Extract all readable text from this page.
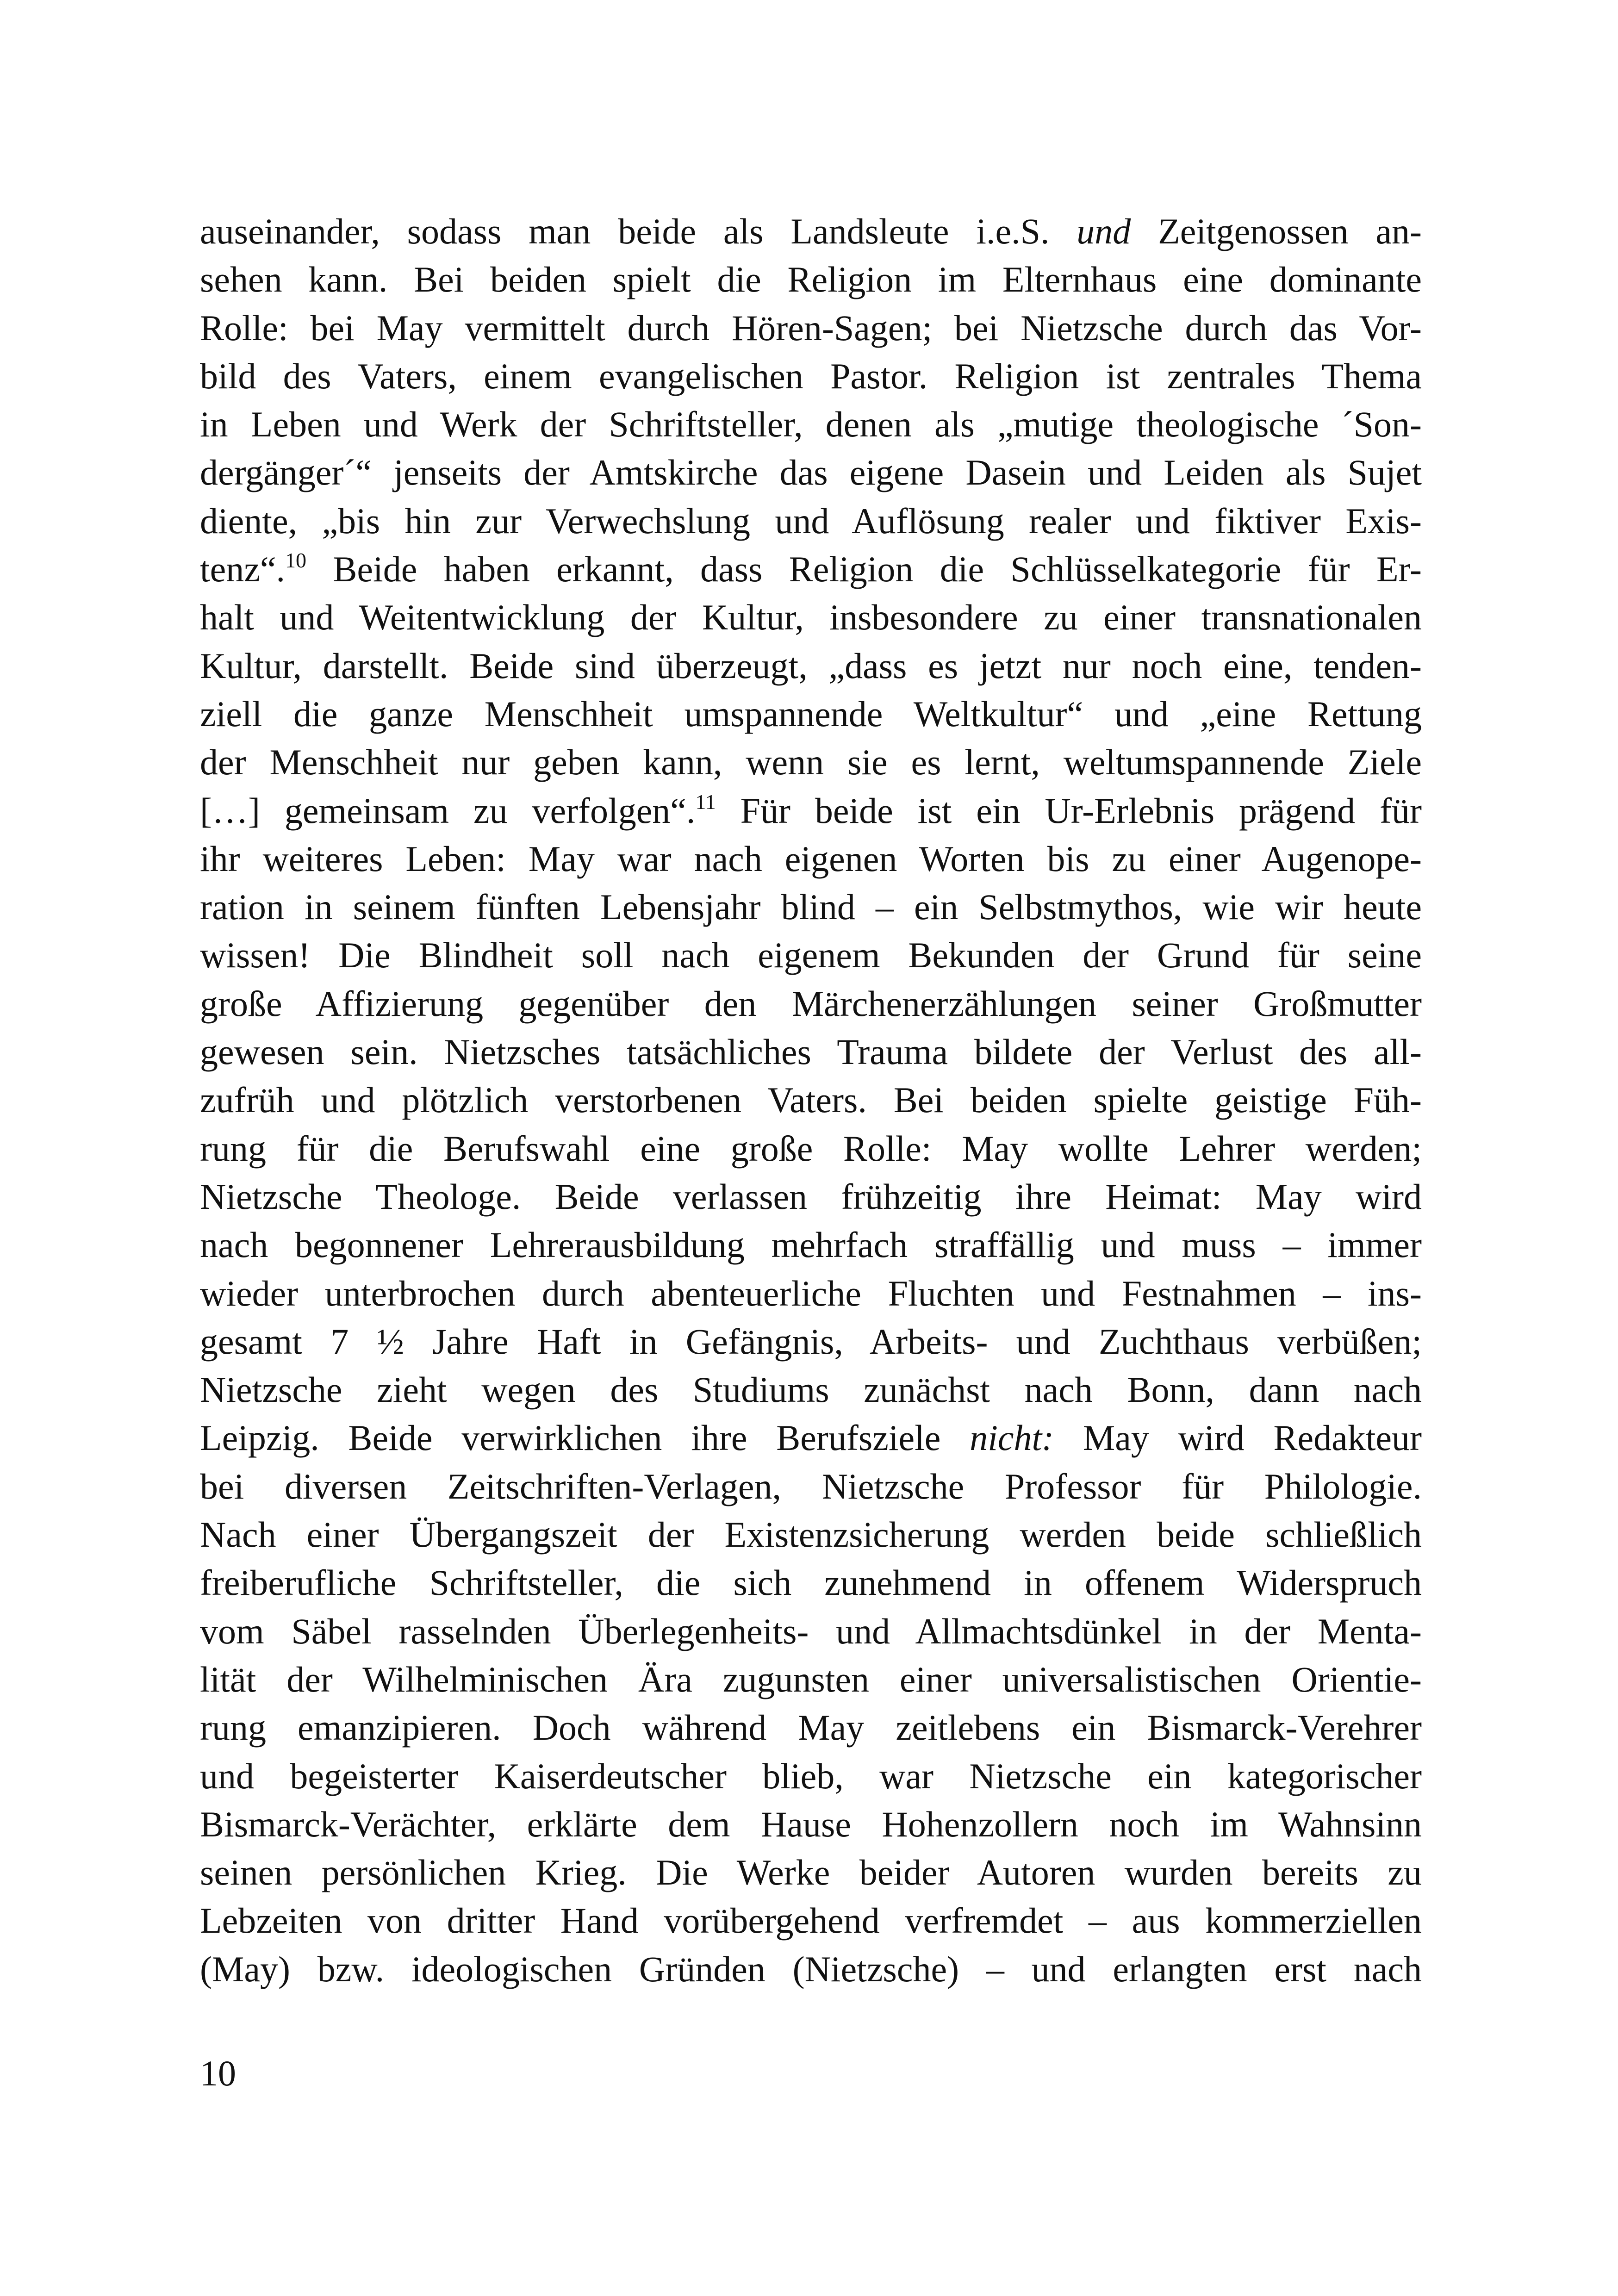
auseinander, sodass man beide als Landsleute i.e.S. und Zeitgenossen an-
sehen kann. Bei beiden spielt die Religion im Elternhaus eine dominante
Rolle: bei May vermittelt durch Hören-Sagen; bei Nietzsche durch das Vor-
bild des Vaters, einem evangelischen Pastor. Religion ist zentrales Thema
in Leben und Werk der Schriftsteller, denen als „mutige theologische ´Son-
dergänger´“ jenseits der Amtskirche das eigene Dasein und Leiden als Sujet
diente, „bis hin zur Verwechslung und Auflösung realer und fiktiver Exis-
tenz“.$^{10}$ Beide haben erkannt, dass Religion die Schlüsselkategorie für Er-
halt und Weitentwicklung der Kultur, insbesondere zu einer transnationalen
Kultur, darstellt. Beide sind überzeugt, „dass es jetzt nur noch eine, tenden-
ziell die ganze Menschheit umspannende Weltkultur“ und „eine Rettung
der Menschheit nur geben kann, wenn sie es lernt, weltumspannende Ziele
[…] gemeinsam zu verfolgen“.$^{11}$ Für beide ist ein Ur-Erlebnis prägend für
ihr weiteres Leben: May war nach eigenen Worten bis zu einer Augenope-
ration in seinem fünften Lebensjahr blind – ein Selbstmythos, wie wir heute
wissen! Die Blindheit soll nach eigenem Bekunden der Grund für seine
große Affizierung gegenüber den Märchenerzählungen seiner Großmutter
gewesen sein. Nietzsches tatsächliches Trauma bildete der Verlust des all-
zufrüh und plötzlich verstorbenen Vaters. Bei beiden spielte geistige Füh-
rung für die Berufswahl eine große Rolle: May wollte Lehrer werden;
Nietzsche Theologe. Beide verlassen frühzeitig ihre Heimat: May wird
nach begonnener Lehrerausbildung mehrfach straffällig und muss – immer
wieder unterbrochen durch abenteuerliche Fluchten und Festnahmen – ins-
gesamt 7 ½ Jahre Haft in Gefängnis, Arbeits- und Zuchthaus verbüßen;
Nietzsche zieht wegen des Studiums zunächst nach Bonn, dann nach
Leipzig. Beide verwirklichen ihre Berufsziele nicht: May wird Redakteur
bei diversen Zeitschriften-Verlagen, Nietzsche Professor für Philologie.
Nach einer Übergangszeit der Existenzsicherung werden beide schließlich
freiberufliche Schriftsteller, die sich zunehmend in offenem Widerspruch
vom Säbel rasselnden Überlegenheits- und Allmachtsdünkel in der Menta-
lität der Wilhelminischen Ära zugunsten einer universalistischen Orientie-
rung emanzipieren. Doch während May zeitlebens ein Bismarck-Verehrer
und begeisterter Kaiserdeutscher blieb, war Nietzsche ein kategorischer
Bismarck-Verächter, erklärte dem Hause Hohenzollern noch im Wahnsinn
seinen persönlichen Krieg. Die Werke beider Autoren wurden bereits zu
Lebzeiten von dritter Hand vorübergehend verfremdet – aus kommerziellen
(May) bzw. ideologischen Gründen (Nietzsche) – und erlangten erst nach

10
